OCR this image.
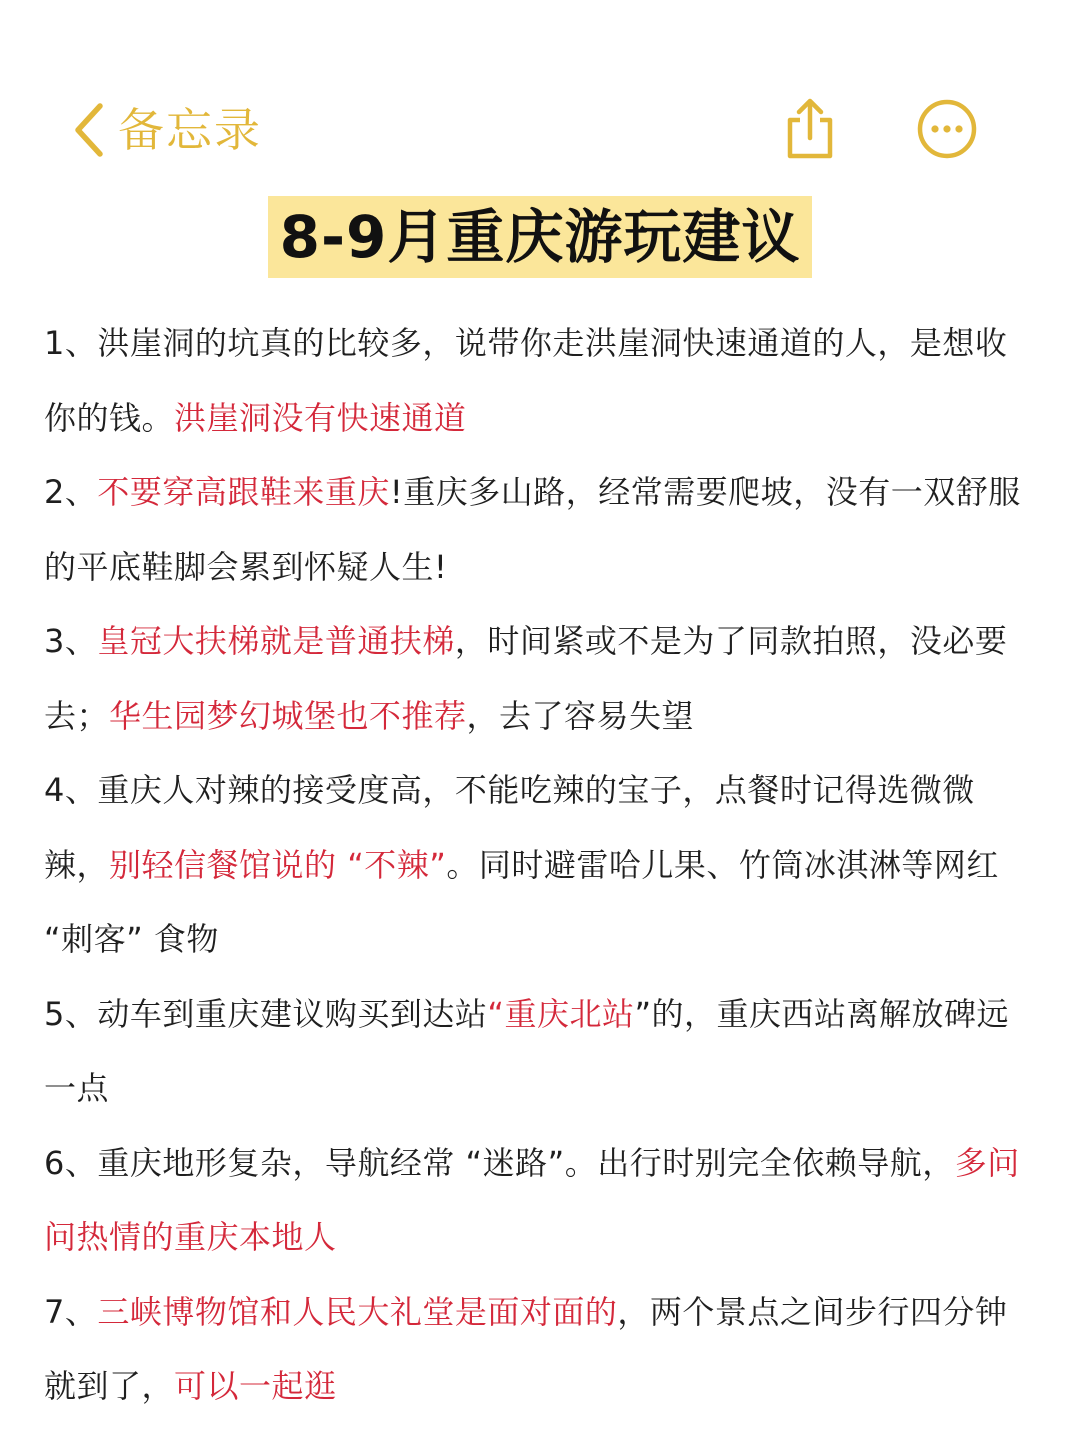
备忘录
8-9月重庆游玩建议

1、洪崖洞的坑真的比较多，说带你走洪崖洞快速通道的人，是想收你的钱。洪崖洞没有快速通道

2、不要穿高跟鞋来重庆!重庆多山路，经常需要爬坡，没有一双舒服的平底鞋脚会累到怀疑人生!

3、皇冠大扶梯就是普通扶梯，时间紧或不是为了同款拍照，没必要去；华生园梦幻城堡也不推荐，去了容易失望

4、重庆人对辣的接受度高，不能吃辣的宝子，点餐时记得选微微辣，别轻信餐馆说的 “不辣”。同时避雷哈儿果、竹筒冰淇淋等网红 “刺客” 食物

5、动车到重庆建议购买到达站“重庆北站”的，重庆西站离解放碑远一点

6、重庆地形复杂，导航经常 “迷路”。出行时别完全依赖导航，多问问热情的重庆本地人

7、三峡博物馆和人民大礼堂是面对面的，两个景点之间步行四分钟就到了，可以一起逛
